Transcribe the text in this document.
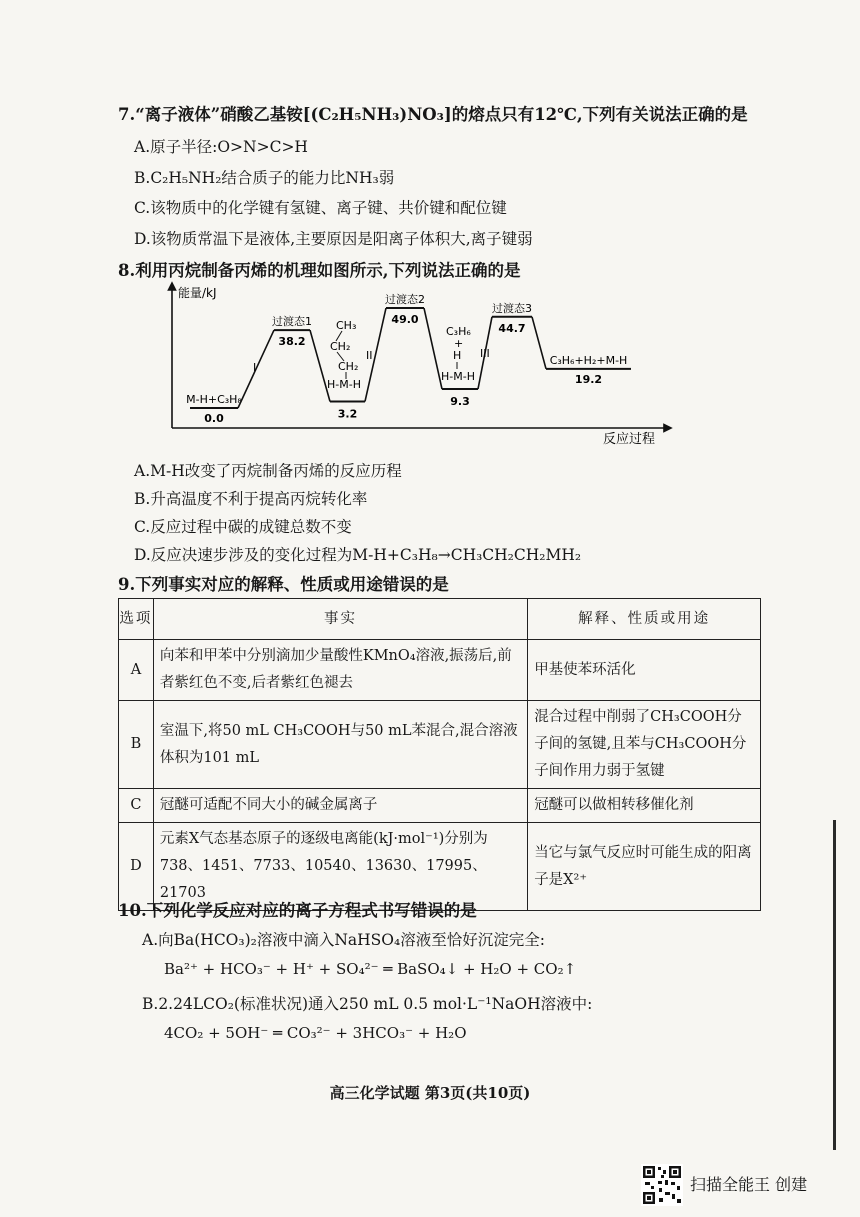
7.“离子液体”硝酸乙基铵[(C₂H₅NH₃)NO₃]的熔点只有12℃,下列有关说法正确的是
A.原子半径:O>N>C>H
B.C₂H₅NH₂结合质子的能力比NH₃弱
C.该物质中的化学键有氢键、离子键、共价键和配位键
D.该物质常温下是液体,主要原因是阳离子体积大,离子键弱
8.利用丙烷制备丙烯的机理如图所示,下列说法正确的是
能量/kJ
反应过程
0.0
M-H+C₃H₈
38.2
过渡态1
3.2
49.0
过渡态2
9.3
44.7
过渡态3
19.2
C₃H₆+H₂+M-H
I
II	III
CH₃
CH₂
CH₂
H-M-H
C₃H₆
+
H
H-M-H
A.M-H改变了丙烷制备丙烯的反应历程
B.升高温度不利于提高丙烷转化率
C.反应过程中碳的成键总数不变
D.反应决速步涉及的变化过程为M-H+C₃H₈→CH₃CH₂CH₂MH₂
9.下列事实对应的解释、性质或用途错误的是
选项	事实	解释、性质或用途
A	向苯和甲苯中分别滴加少量酸性KMnO₄溶液,振荡后,前者紫红色不变,后者紫红色褪去	甲基使苯环活化
B	室温下,将50 mL CH₃COOH与50 mL苯混合,混合溶液体积为101 mL	混合过程中削弱了CH₃COOH分子间的氢键,且苯与CH₃COOH分子间作用力弱于氢键
C	冠醚可适配不同大小的碱金属离子	冠醚可以做相转移催化剂
D	元素X气态基态原子的逐级电离能(kJ·mol⁻¹)分别为738、1451、7733、10540、13630、17995、21703	当它与氯气反应时可能生成的阳离子是X²⁺
10.下列化学反应对应的离子方程式书写错误的是
A.向Ba(HCO₃)₂溶液中滴入NaHSO₄溶液至恰好沉淀完全:
Ba²⁺ + HCO₃⁻ + H⁺ + SO₄²⁻ ═ BaSO₄↓ + H₂O + CO₂↑
B.2.24LCO₂(标准状况)通入250 mL 0.5 mol·L⁻¹NaOH溶液中:
4CO₂ + 5OH⁻ ═ CO₃²⁻ + 3HCO₃⁻ + H₂O
高三化学试题 第3页(共10页)
扫描全能王 创建
